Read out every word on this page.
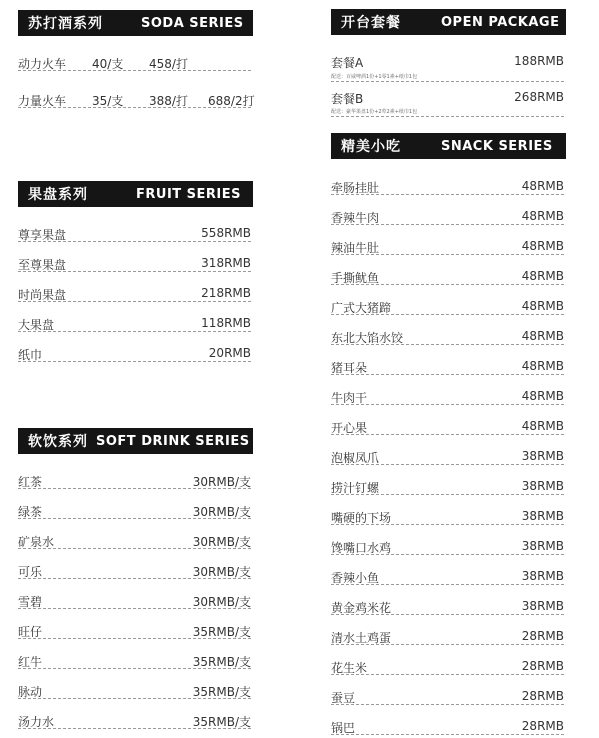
苏打酒系列	SODA SERIES
动力火车 40/支 458/打
力量火车 35/支 388/打 688/2打
果盘系列	FRUIT SERIES
尊享果盘	558RMB
至尊果盘	318RMB
时尚果盘	218RMB
大果盘	118RMB
纸巾	20RMB
软饮系列 SOFT DRINK SERIES
红茶	30RMB/支
绿茶	30RMB/支
矿泉水	30RMB/支
可乐	30RMB/支
雪碧	30RMB/支
旺仔	35RMB/支
红牛	35RMB/支
脉动	35RMB/支
汤力水	35RMB/支
开台套餐	OPEN PACKAGE
套餐A	188RMB
配送：百威啤酒1份+1零1素+纸巾1包
套餐B	268RMB
配送：豪华果盘1份+2荤2素+纸巾1包
精美小吃	SNACK SERIES
牵肠挂肚	48RMB
香辣牛肉	48RMB
辣油牛肚	48RMB
手撕鱿鱼	48RMB
广式大猪蹄	48RMB
东北大馅水饺	48RMB
猪耳朵	48RMB
牛肉干	48RMB
开心果	48RMB
泡椒凤爪	38RMB
捞汁钉螺	38RMB
嘴硬的下场	38RMB
馋嘴口水鸡	38RMB
香辣小鱼	38RMB
黄金鸡米花	38RMB
清水土鸡蛋	28RMB
花生米	28RMB
蚕豆	28RMB
锅巴	28RMB
